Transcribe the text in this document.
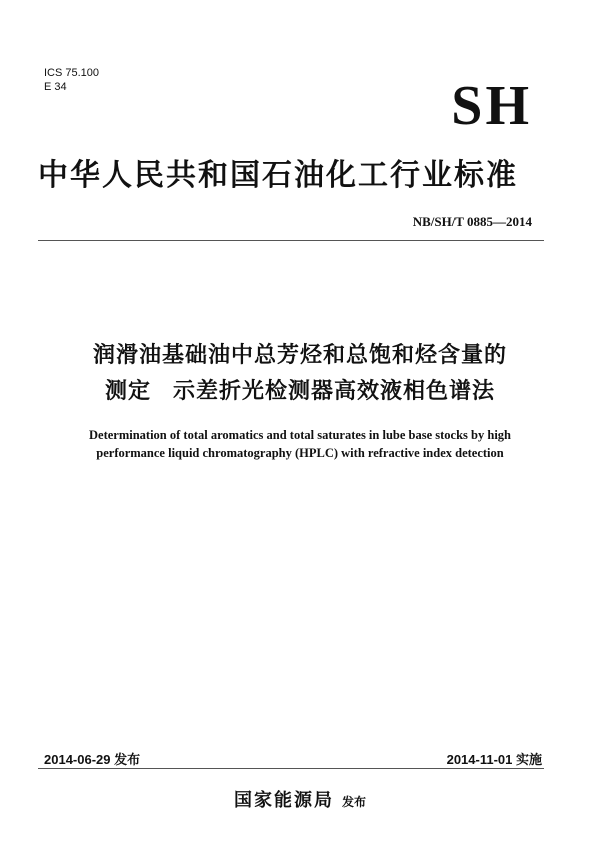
ICS 75.100
E 34	SH
中华人民共和国石油化工行业标准
NB/SH/T 0885—2014
润滑油基础油中总芳烃和总饱和烃含量的
测定 示差折光检测器高效液相色谱法
Determination of total aromatics and total saturates in lube base stocks by high
performance liquid chromatography (HPLC) with refractive index detection
2014-06-29 发布	2014-11-01 实施
国家能源局 发布
